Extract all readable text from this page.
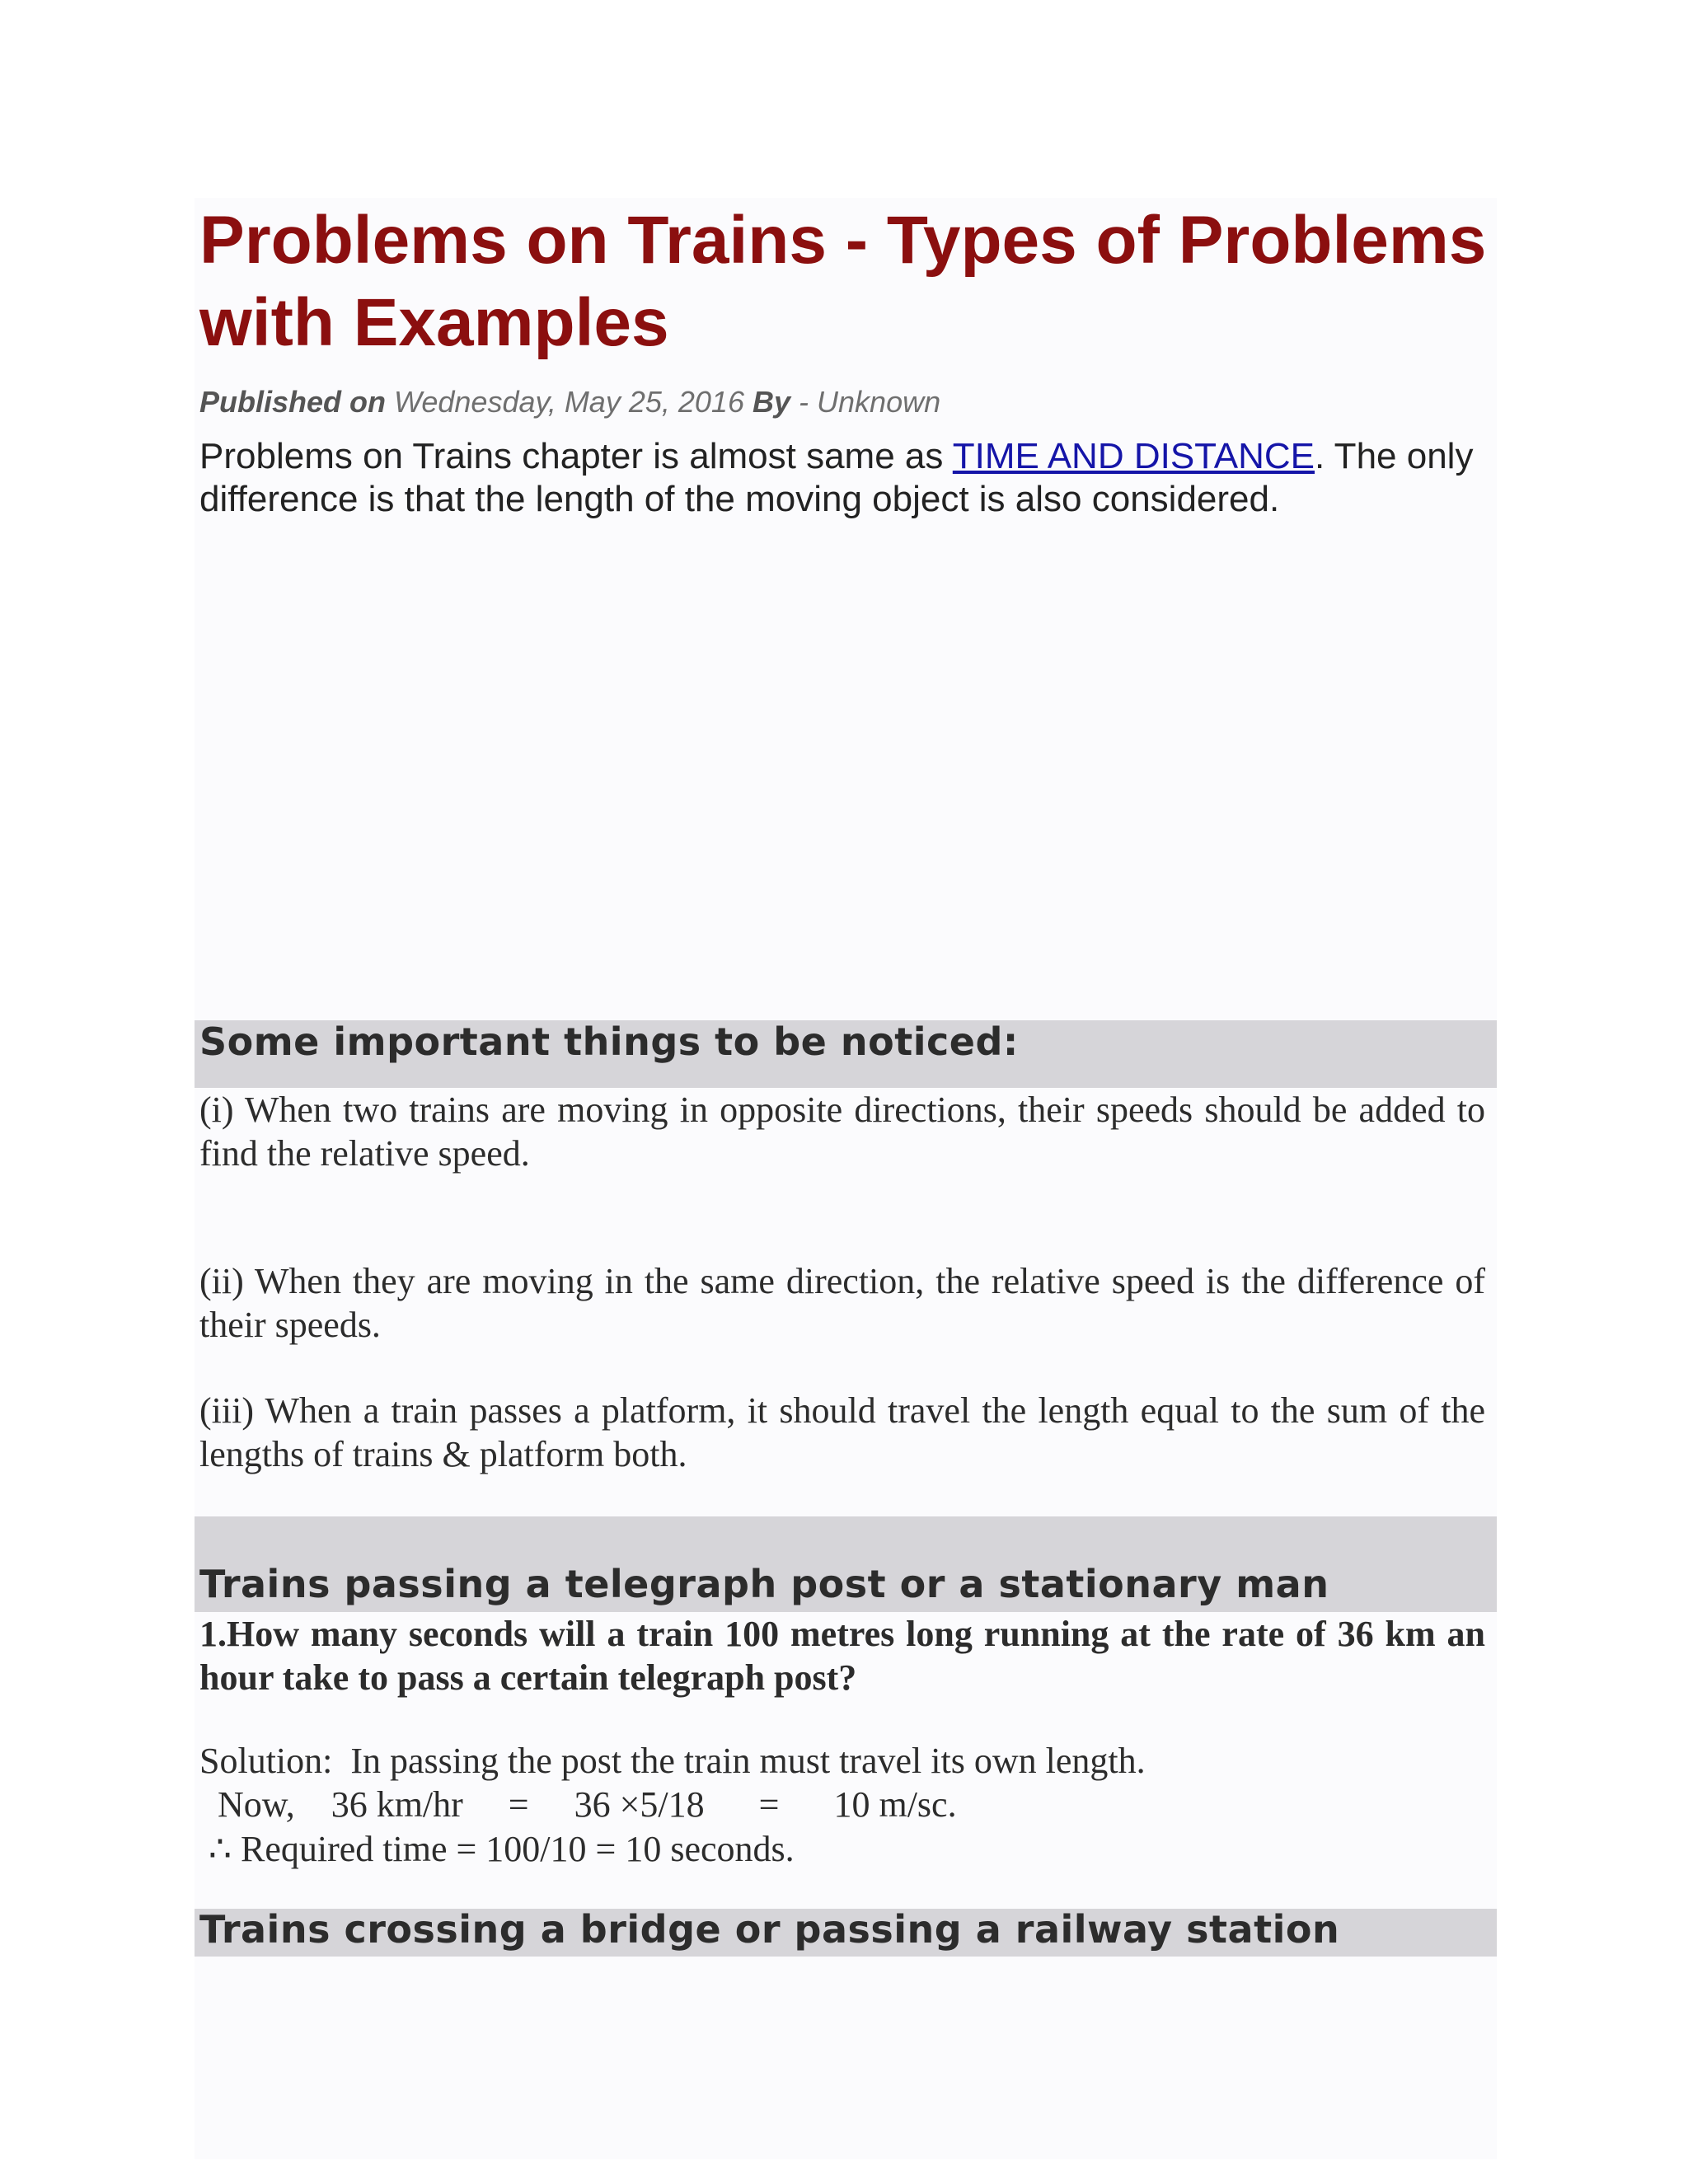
Problems on Trains - Types of Problems with Examples
Published on Wednesday, May 25, 2016 By - Unknown

Problems on Trains chapter is almost same as TIME AND DISTANCE. The only difference is that the length of the moving object is also considered.

Some important things to be noticed:

(i) When two trains are moving in opposite directions, their speeds should be added to find the relative speed.

(ii) When they are moving in the same direction, the relative speed is the difference of their speeds.

(iii) When a train passes a platform, it should travel the length equal to the sum of the lengths of trains & platform both.

Trains passing a telegraph post or a stationary man

1.How many seconds will a train 100 metres long running at the rate of 36 km an hour take to pass a certain telegraph post?

Solution:  In passing the post the train must travel its own length.

Now,    36 km/hr     =     36 ×5/18      =      10 m/sc.

∴ Required time = 100/10 = 10 seconds.

Trains crossing a bridge or passing a railway station
